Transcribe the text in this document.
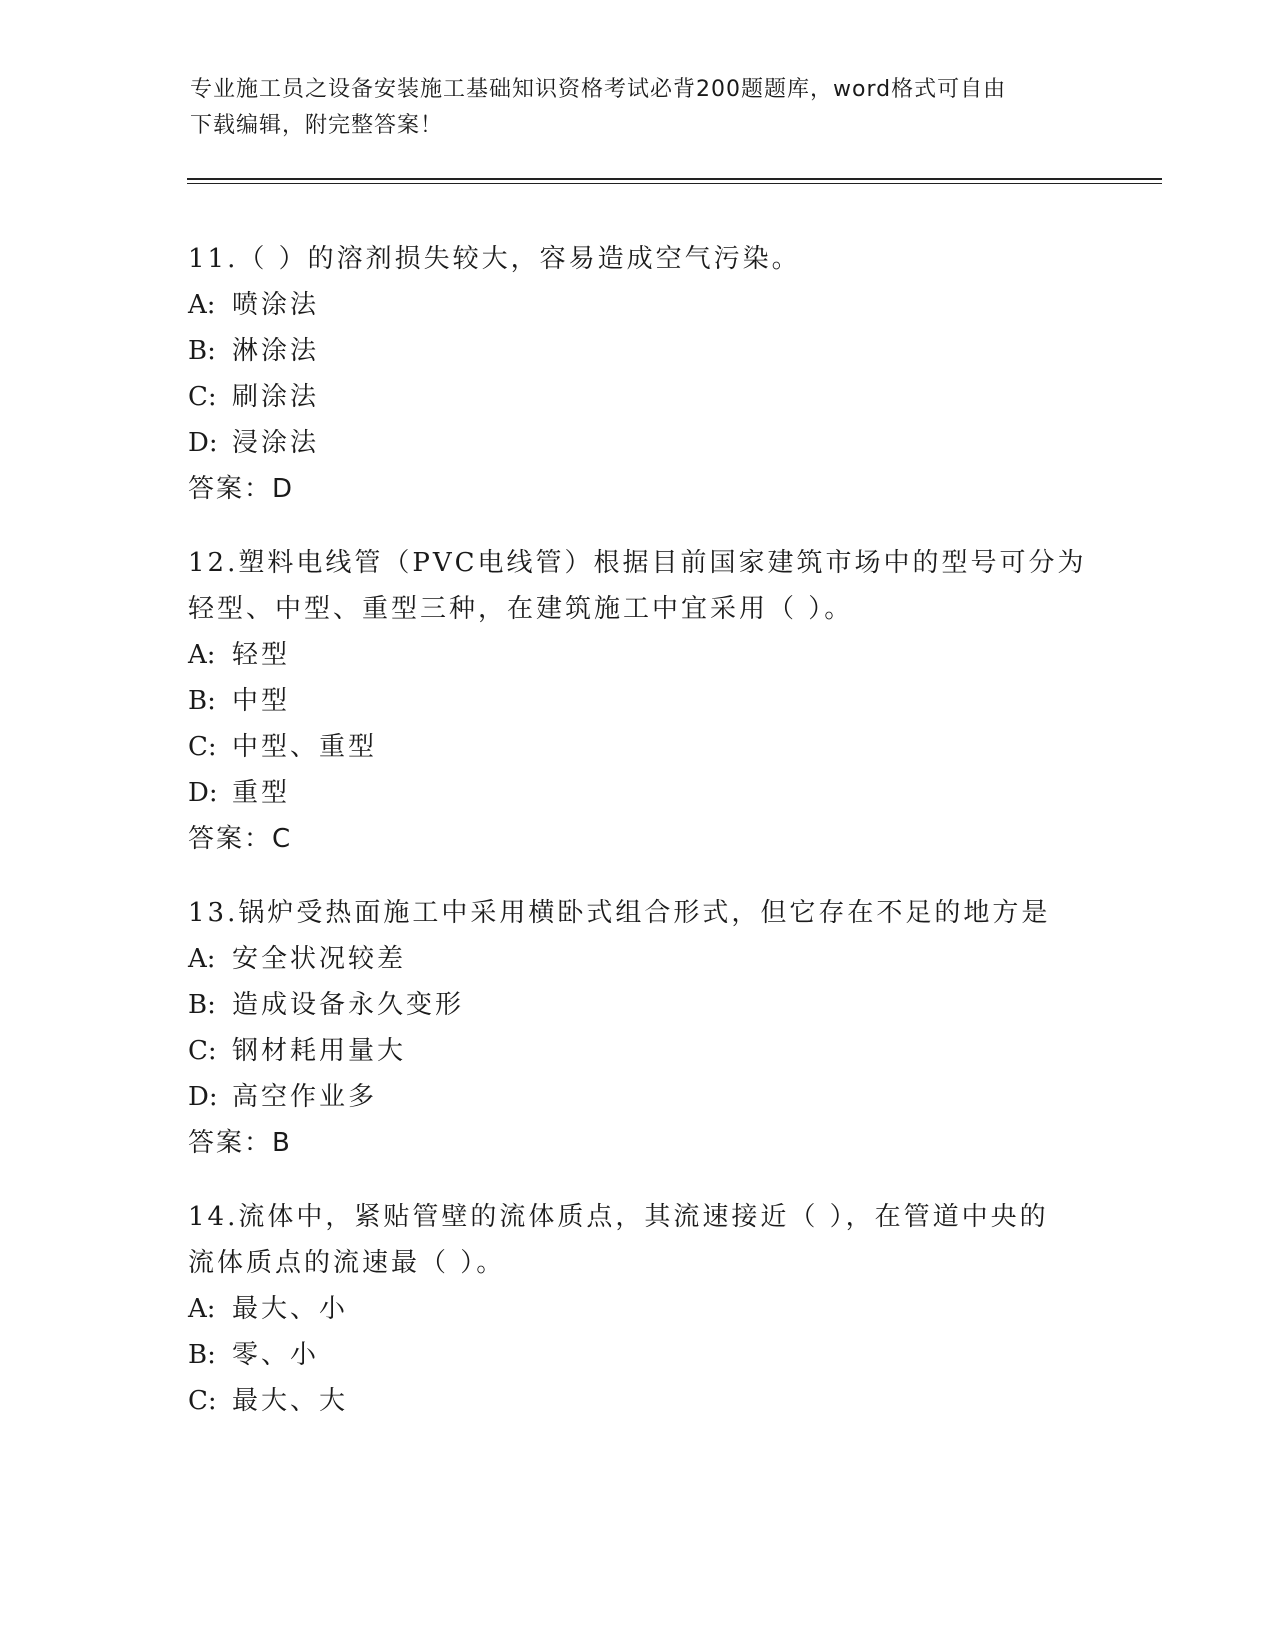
专业施工员之设备安装施工基础知识资格考试必背200题题库，word格式可自由
下载编辑，附完整答案！
11.（ ）的溶剂损失较大，容易造成空气污染。
A: 喷涂法
B: 淋涂法
C: 刷涂法
D: 浸涂法
答案：D
12.塑料电线管（PVC电线管）根据目前国家建筑市场中的型号可分为
轻型、中型、重型三种，在建筑施工中宜采用（ ）。
A: 轻型
B: 中型
C: 中型、重型
D: 重型
答案：C
13.锅炉受热面施工中采用横卧式组合形式，但它存在不足的地方是
A: 安全状况较差
B: 造成设备永久变形
C: 钢材耗用量大
D: 高空作业多
答案：B
14.流体中，紧贴管壁的流体质点，其流速接近（ ），在管道中央的
流体质点的流速最（ ）。
A: 最大、小
B: 零、小
C: 最大、大
